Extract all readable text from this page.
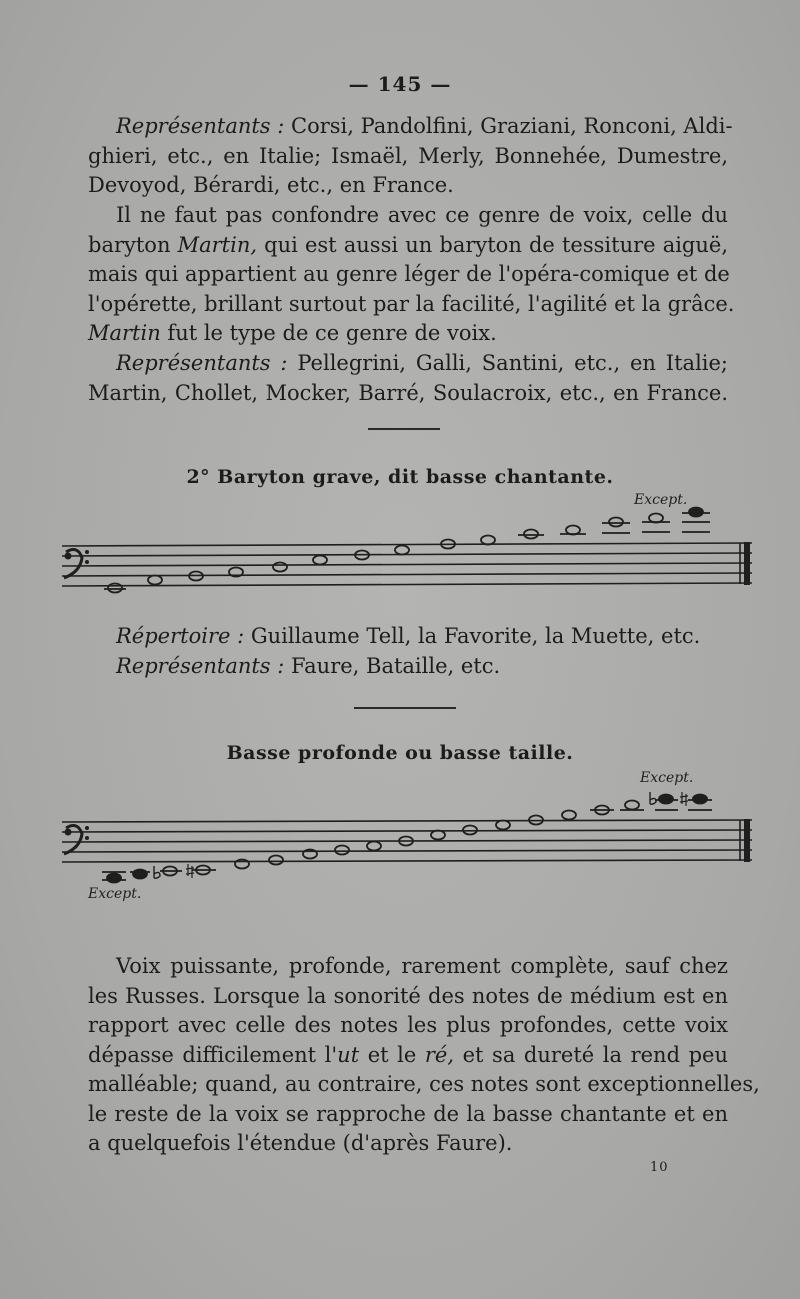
— 145 —
Représentants : Corsi, Pandolfini, Graziani, Ronconi, Aldi-
ghieri, etc., en Italie; Ismaël, Merly, Bonnehée, Dumestre,
Devoyod, Bérardi, etc., en France.
Il ne faut pas confondre avec ce genre de voix, celle du
baryton Martin, qui est aussi un baryton de tessiture aiguë,
mais qui appartient au genre léger de l'opéra-comique et de
l'opérette, brillant surtout par la facilité, l'agilité et la grâce.
Martin fut le type de ce genre de voix.
Représentants : Pellegrini, Galli, Santini, etc., en Italie;
Martin, Chollet, Mocker, Barré, Soulacroix, etc., en France.
2° Baryton grave, dit basse chantante.
Except.
Répertoire : Guillaume Tell, la Favorite, la Muette, etc.
Représentants : Faure, Bataille, etc.
Basse profonde ou basse taille.
Except.
Except.
Voix puissante, profonde, rarement complète, sauf chez
les Russes. Lorsque la sonorité des notes de médium est en
rapport avec celle des notes les plus profondes, cette voix
dépasse difficilement l'ut et le ré, et sa dureté la rend peu
malléable; quand, au contraire, ces notes sont exceptionnelles,
le reste de la voix se rapproche de la basse chantante et en
a quelquefois l'étendue (d'après Faure).
10
